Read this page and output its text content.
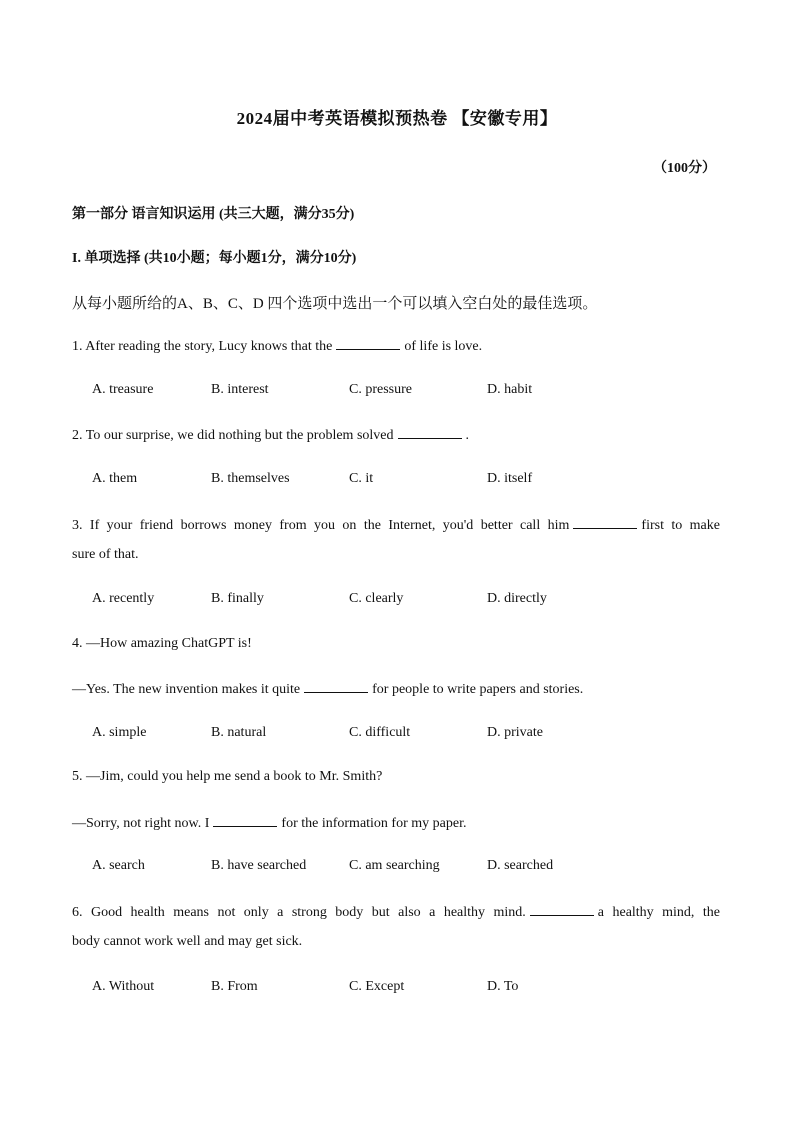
2024届中考英语模拟预热卷 【安徽专用】
（100分）
第一部分 语言知识运用 (共三大题，满分35分)
I. 单项选择 (共10小题；每小题1分，满分10分)
从每小题所给的A、B、C、D 四个选项中选出一个可以填入空白处的最佳选项。
1. After reading the story, Lucy knows that the	of life is love.
A. treasure	B. interest	C. pressure	D. habit
2. To our surprise, we did nothing but the problem solved	.
A. them	B. themselves	C. it	D. itself
3. If your friend borrows money from you on the Internet, you'd better call him	first to make
sure of that.
A. recently	B. finally	C. clearly	D. directly
4. —How amazing ChatGPT is!
—Yes. The new invention makes it quite	for people to write papers and stories.
A. simple	B. natural	C. difficult	D. private
5. —Jim, could you help me send a book to Mr. Smith?
—Sorry, not right now. I	for the information for my paper.
A. search	B. have searched	C. am searching	D. searched
6. Good health means not only a strong body but also a healthy mind.	a healthy mind, the
body cannot work well and may get sick.
A. Without	B. From	C. Except	D. To
